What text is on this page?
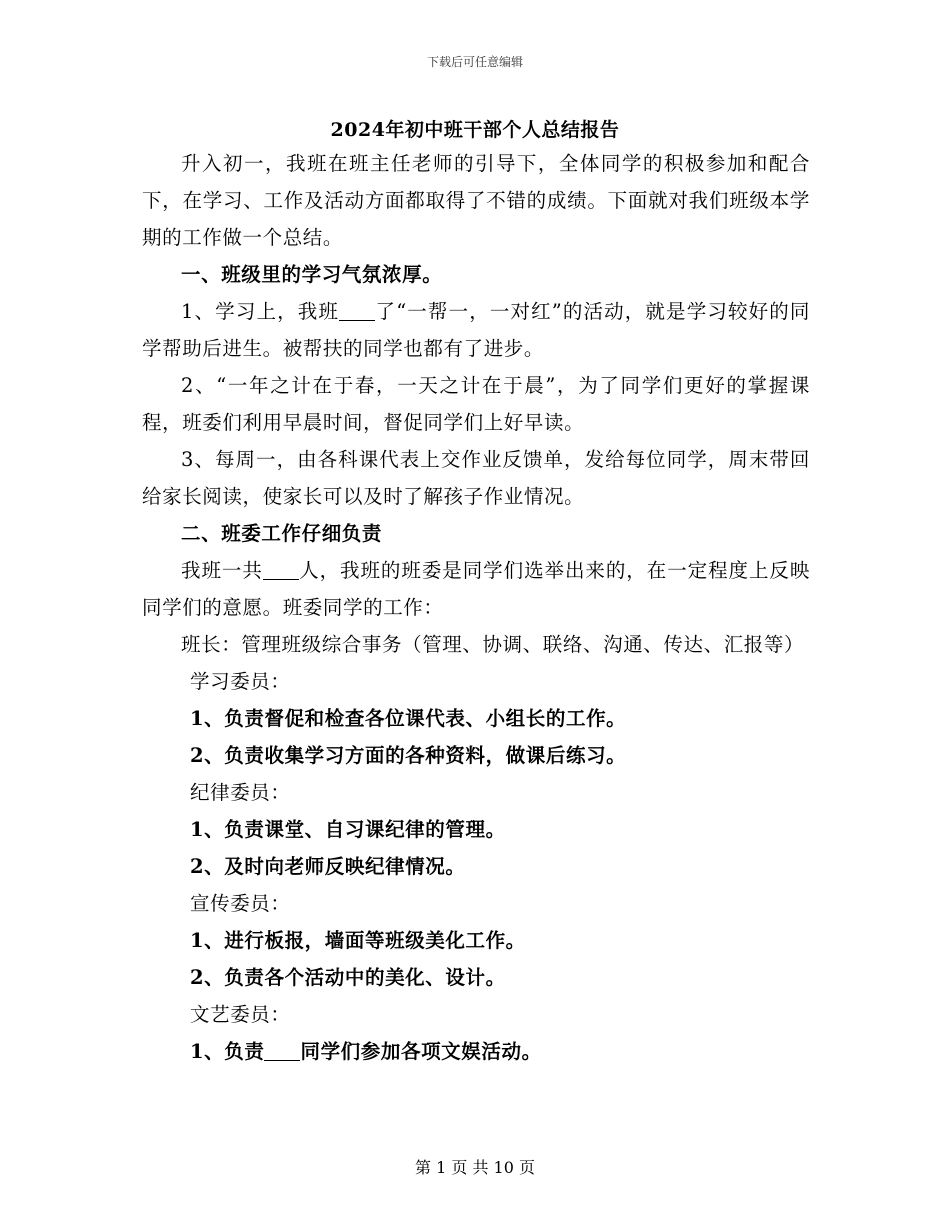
下载后可任意编辑
2024年初中班干部个人总结报告

升入初一，我班在班主任老师的引导下，全体同学的积极参加和配合下，在学习、工作及活动方面都取得了不错的成绩。下面就对我们班级本学期的工作做一个总结。

一、班级里的学习气氛浓厚。

1、学习上，我班 了“一帮一，一对红”的活动，就是学习较好的同学帮助后进生。被帮扶的同学也都有了进步。

2、“一年之计在于春，一天之计在于晨”，为了同学们更好的掌握课程，班委们利用早晨时间，督促同学们上好早读。

3、每周一，由各科课代表上交作业反馈单，发给每位同学，周末带回给家长阅读，使家长可以及时了解孩子作业情况。

二、班委工作仔细负责

我班一共 人，我班的班委是同学们选举出来的，在一定程度上反映同学们的意愿。班委同学的工作：

班长：管理班级综合事务（管理、协调、联络、沟通、传达、汇报等）

学习委员：

1、负责督促和检查各位课代表、小组长的工作。

2、负责收集学习方面的各种资料，做课后练习。

纪律委员：

1、负责课堂、自习课纪律的管理。

2、及时向老师反映纪律情况。

宣传委员：

1、进行板报，墙面等班级美化工作。

2、负责各个活动中的美化、设计。

文艺委员：

1、负责 同学们参加各项文娱活动。

第 1 页 共 10 页
